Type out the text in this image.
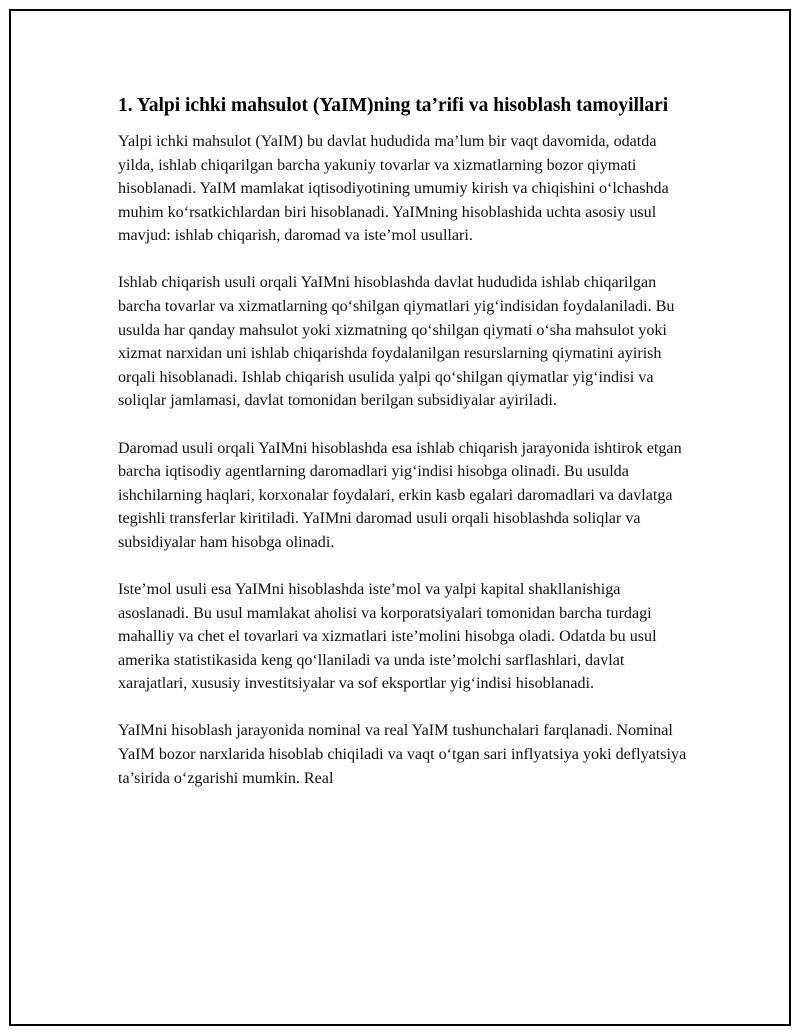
1. Yalpi ichki mahsulot (YaIM)ning ta’rifi va hisoblash tamoyillari

Yalpi ichki mahsulot (YaIM) bu davlat hududida ma’lum bir vaqt davomida, odatda yilda, ishlab chiqarilgan barcha yakuniy tovarlar va xizmatlarning bozor qiymati hisoblanadi. YaIM mamlakat iqtisodiyotining umumiy kirish va chiqishini o‘lchashda muhim ko‘rsatkichlardan biri hisoblanadi. YaIMning hisoblashida uchta asosiy usul mavjud: ishlab chiqarish, daromad va iste’mol usullari.

Ishlab chiqarish usuli orqali YaIMni hisoblashda davlat hududida ishlab chiqarilgan barcha tovarlar va xizmatlarning qo‘shilgan qiymatlari yig‘indisidan foydalaniladi. Bu usulda har qanday mahsulot yoki xizmatning qo‘shilgan qiymati o‘sha mahsulot yoki xizmat narxidan uni ishlab chiqarishda foydalanilgan resurslarning qiymatini ayirish orqali hisoblanadi. Ishlab chiqarish usulida yalpi qo‘shilgan qiymatlar yig‘indisi va soliqlar jamlamasi, davlat tomonidan berilgan subsidiyalar ayiriladi.

Daromad usuli orqali YaIMni hisoblashda esa ishlab chiqarish jarayonida ishtirok etgan barcha iqtisodiy agentlarning daromadlari yig‘indisi hisobga olinadi. Bu usulda ishchilarning haqlari, korxonalar foydalari, erkin kasb egalari daromadlari va davlatga tegishli transferlar kiritiladi. YaIMni daromad usuli orqali hisoblashda soliqlar va subsidiyalar ham hisobga olinadi.

Iste’mol usuli esa YaIMni hisoblashda iste’mol va yalpi kapital shakllanishiga asoslanadi. Bu usul mamlakat aholisi va korporatsiyalari tomonidan barcha turdagi mahalliy va chet el tovarlari va xizmatlari iste’molini hisobga oladi. Odatda bu usul amerika statistikasida keng qo‘llaniladi va unda iste’molchi sarflashlari, davlat xarajatlari, xususiy investitsiyalar va sof eksportlar yig‘indisi hisoblanadi.

YaIMni hisoblash jarayonida nominal va real YaIM tushunchalari farqlanadi. Nominal YaIM bozor narxlarida hisoblab chiqiladi va vaqt o‘tgan sari inflyatsiya yoki deflyatsiya ta’sirida o‘zgarishi mumkin. Real
